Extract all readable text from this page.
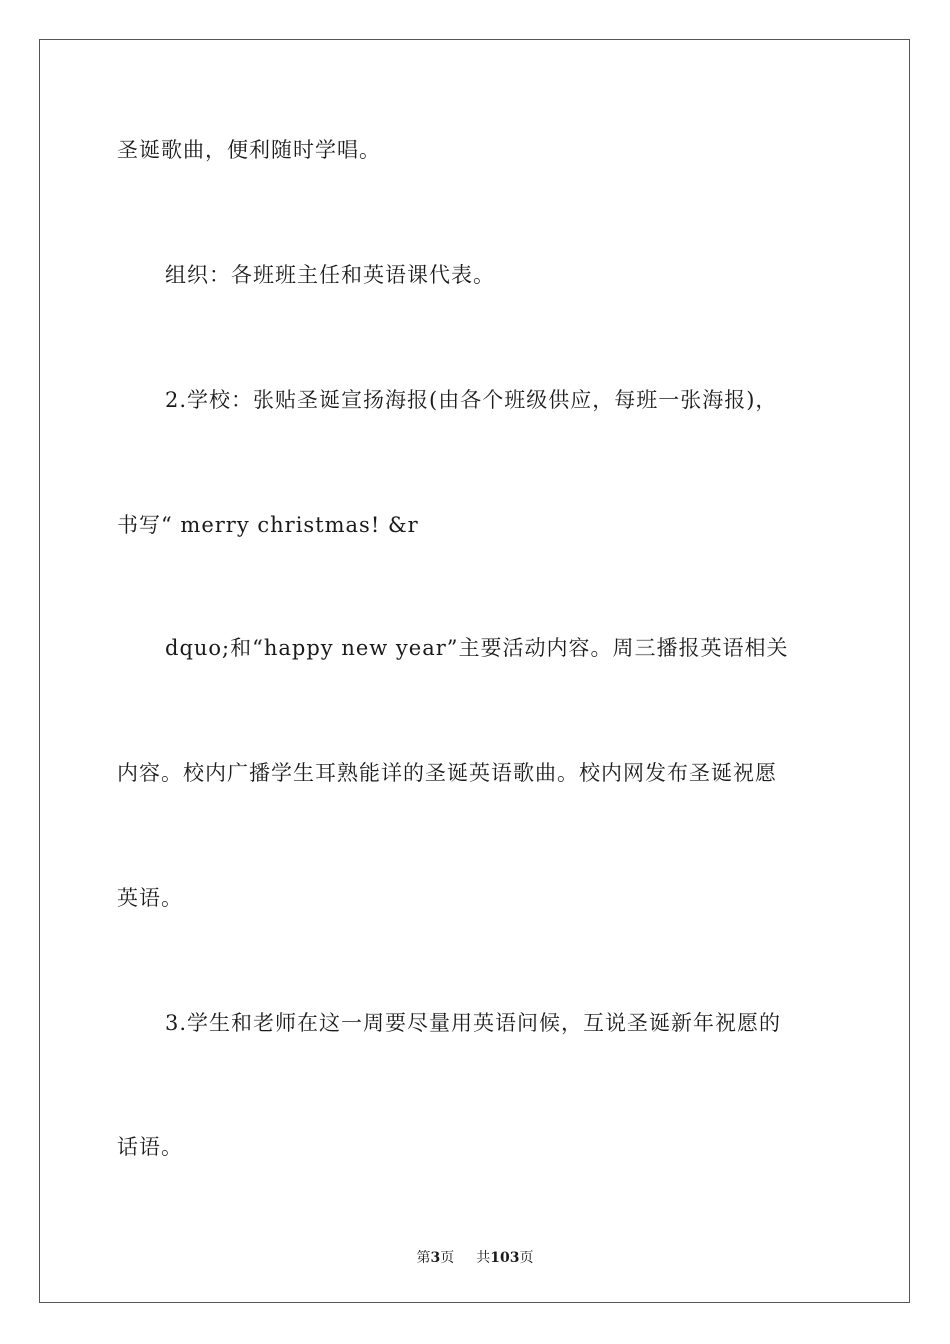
圣诞歌曲，便利随时学唱。
组织：各班班主任和英语课代表。
2.学校：张贴圣诞宣扬海报(由各个班级供应，每班一张海报)，
书写“ merry christmas! &r
dquo;和“happy new year”主要活动内容。周三播报英语相关
内容。校内广播学生耳熟能详的圣诞英语歌曲。校内网发布圣诞祝愿
英语。
3.学生和老师在这一周要尽量用英语问候，互说圣诞新年祝愿的
话语。
第3页 共103页
